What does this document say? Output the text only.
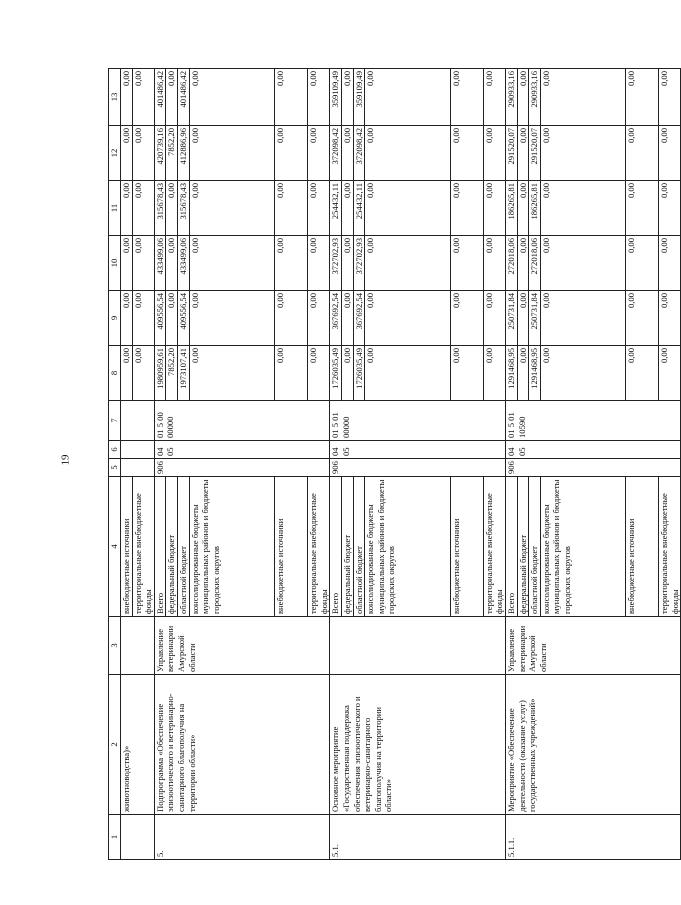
19
1	2	3	4	5	6	7	8	9	10	11	12	13
	животноводства)»		внебюджетные источники				0,00	0,00	0,00	0,00	0,00	0,00
			территориальные внебюджетные фонды				0,00	0,00	0,00	0,00	0,00	0,00
5.	Подпрограмма «Обеспечение эпизоотического и ветеринарно-санитарного благополучия на территории области»	Управление ветеринарии Амурской области	Всего	906	04 05	01 5 00 00000	1980959,61	409556,54	433499,06	315678,43	420739,16	401486,42
			федеральный бюджет				7852,20	0,00	0,00	0,00	7852,20	0,00
			областной бюджет				1973107,41	409556,54	433499,06	315678,43	412886,96	401486,42
			консолидированные бюджеты муниципальных районов и бюджеты городских округов				0,00	0,00	0,00	0,00	0,00	0,00
			внебюджетные источники				0,00	0,00	0,00	0,00	0,00	0,00
			территориальные внебюджетные фонды				0,00	0,00	0,00	0,00	0,00	0,00
5.1.	Основное мероприятие «Государственная поддержка обеспечения эпизоотического и ветеринарно-санитарного благополучия на территории области»		Всего	906	04 05	01 5 01 00000	1726035,49	367692,54	372702,93	254432,11	372098,42	359109,49
			федеральный бюджет				0,00	0,00	0,00	0,00	0,00	0,00
			областной бюджет				1726035,49	367692,54	372702,93	254432,11	372098,42	359109,49
			консолидированные бюджеты муниципальных районов и бюджеты городских округов				0,00	0,00	0,00	0,00	0,00	0,00
			внебюджетные источники				0,00	0,00	0,00	0,00	0,00	0,00
			территориальные внебюджетные фонды				0,00	0,00	0,00	0,00	0,00	0,00
5.1.1.	Мероприятие «Обеспечение деятельности (оказание услуг) государственных учреждений»	Управление ветеринарии Амурской области	Всего	906	04 05	01 5 01 10590	1291468,95	250731,84	272018,06	186265,81	291520,07	290933,16
			федеральный бюджет				0,00	0,00	0,00	0,00	0,00	0,00
			областной бюджет				1291468,95	250731,84	272018,06	186265,81	291520,07	290933,16
			консолидированные бюджеты муниципальных районов и бюджеты городских округов				0,00	0,00	0,00	0,00	0,00	0,00
			внебюджетные источники				0,00	0,00	0,00	0,00	0,00	0,00
			территориальные внебюджетные фонды				0,00	0,00	0,00	0,00	0,00	0,00
